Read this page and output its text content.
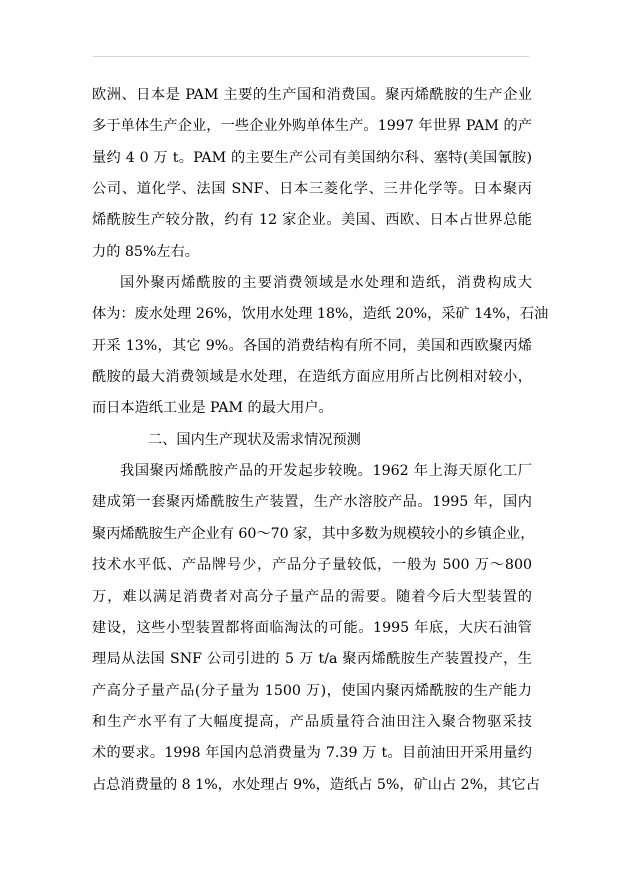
欧洲、日本是 PAM 主要的生产国和消费国。聚丙烯酰胺的生产企业
多于单体生产企业，一些企业外购单体生产。1997 年世界 PAM 的产
量约 4 0 万 t。PAM 的主要生产公司有美国纳尔科、塞特(美国氰胺)
公司、道化学、法国 SNF、日本三菱化学、三井化学等。日本聚丙
烯酰胺生产较分散，约有 12 家企业。美国、西欧、日本占世界总能
力的 85%左右。
国外聚丙烯酰胺的主要消费领域是水处理和造纸，消费构成大
体为：废水处理 26%，饮用水处理 18%，造纸 20%，采矿 14%，石油
开采 13%，其它 9%。各国的消费结构有所不同，美国和西欧聚丙烯
酰胺的最大消费领域是水处理，在造纸方面应用所占比例相对较小，
而日本造纸工业是 PAM 的最大用户。
二、国内生产现状及需求情况预测
我国聚丙烯酰胺产品的开发起步较晚。1962 年上海天原化工厂
建成第一套聚丙烯酰胺生产装置，生产水溶胶产品。1995 年，国内
聚丙烯酰胺生产企业有 60～70 家，其中多数为规模较小的乡镇企业，
技术水平低、产品牌号少，产品分子量较低，一般为 500 万～800
万，难以满足消费者对高分子量产品的需要。随着今后大型装置的
建设，这些小型装置都将面临淘汰的可能。1995 年底，大庆石油管
理局从法国 SNF 公司引进的 5 万 t/a 聚丙烯酰胺生产装置投产，生
产高分子量产品(分子量为 1500 万)，使国内聚丙烯酰胺的生产能力
和生产水平有了大幅度提高，产品质量符合油田注入聚合物驱采技
术的要求。1998 年国内总消费量为 7.39 万 t。目前油田开采用量约
占总消费量的 8 1%，水处理占 9%，造纸占 5%，矿山占 2%，其它占
